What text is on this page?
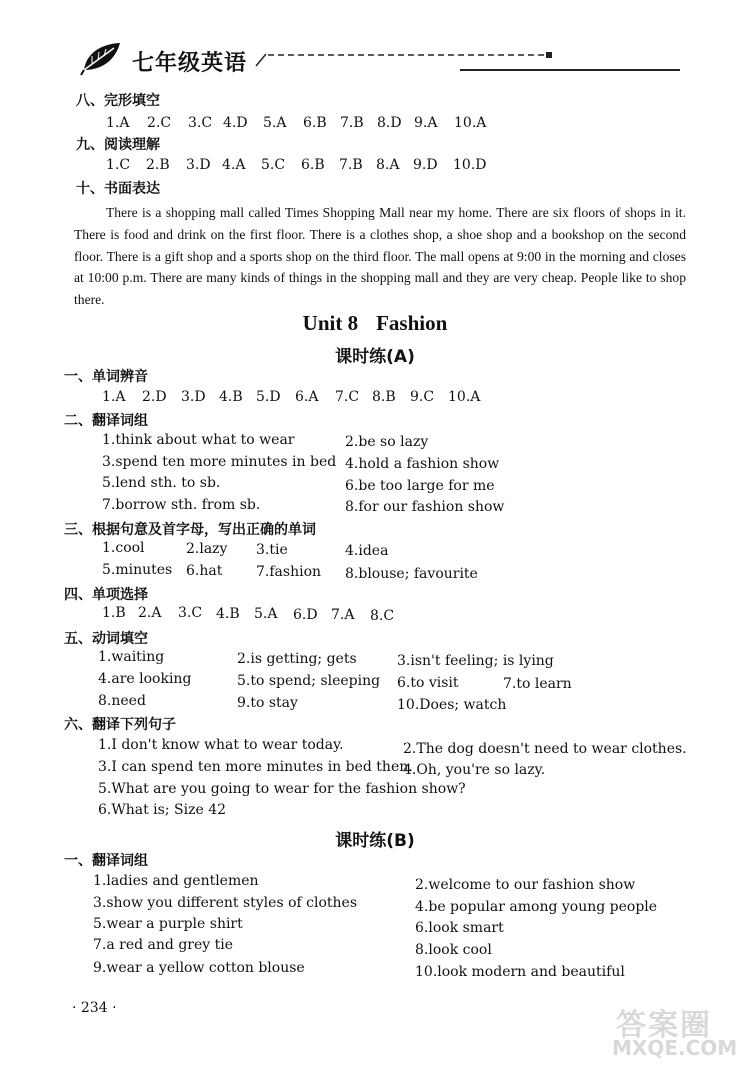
七年级英语
八、完形填空
1.A 2.C 3.C 4.D 5.A 6.B 7.B 8.D 9.A 10.A
九、阅读理解
1.C 2.B 3.D 4.A 5.C 6.B 7.B 8.A 9.D 10.D
十、书面表达
There is a shopping mall called Times Shopping Mall near my home. There are six floors of shops in it. There is food and drink on the first floor. There is a clothes shop, a shoe shop and a bookshop on the second floor. There is a gift shop and a sports shop on the third floor. The mall opens at 9:00 in the morning and closes at 10:00 p.m. There are many kinds of things in the shopping mall and they are very cheap. People like to shop there.
Unit 8 Fashion
课时练(A)
一、单词辨音
1.A 2.D 3.D 4.B 5.D 6.A 7.C 8.B 9.C 10.A
二、翻译词组
1.think about what to wear	2.be so lazy
3.spend ten more minutes in bed 4.hold a fashion show
5.lend sth. to sb.	6.be too large for me
7.borrow sth. from sb.	8.for our fashion show
三、根据句意及首字母，写出正确的单词
1.cool	2.lazy 3.tie	4.idea
5.minutes 6.hat 7.fashion 8.blouse; favourite
四、单项选择
1.B 2.A 3.C 4.B 5.A 6.D 7.A 8.C
五、动词填空
1.waiting	2.is getting; gets	3.isn't feeling; is lying
4.are looking	5.to spend; sleeping 6.to visit	7.to learn
8.need	9.to stay	10.Does; watch
六、翻译下列句子
1.I don't know what to wear today.	2.The dog doesn't need to wear clothes.
3.I can spend ten more minutes in bed then.
4.Oh, you're so lazy.
5.What are you going to wear for the fashion show?
6.What is; Size 42
课时练(B)
一、翻译词组
1.ladies and gentlemen	2.welcome to our fashion show
3.show you different styles of clothes	4.be popular among young people
5.wear a purple shirt	6.look smart
7.a red and grey tie	8.look cool
9.wear a yellow cotton blouse	10.look modern and beautiful
· 234 ·	答案圈
MXQE.COM
